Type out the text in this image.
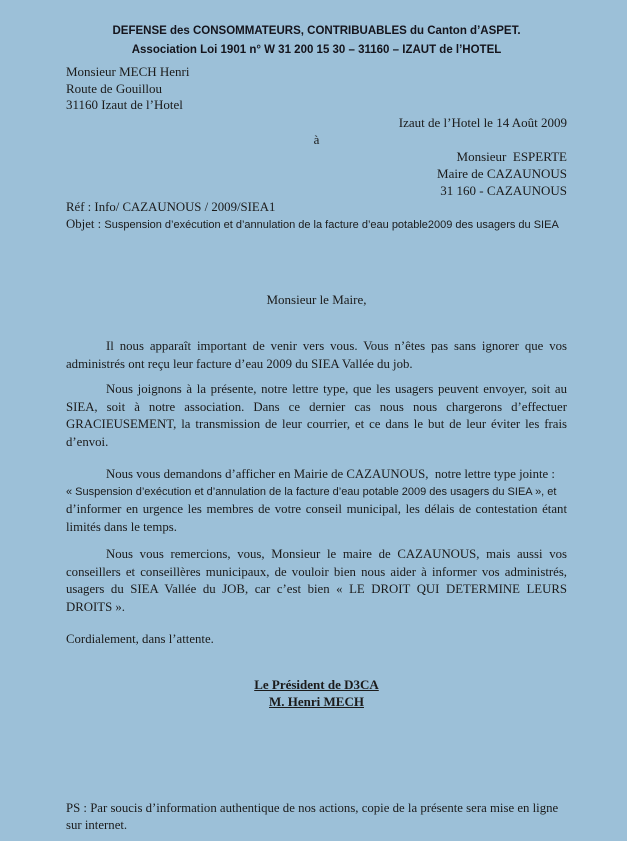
DEFENSE des CONSOMMATEURS, CONTRIBUABLES du Canton d’ASPET.
Association Loi 1901 n° W 31 200 15 30 – 31160 – IZAUT de l’HOTEL
Monsieur MECH Henri
Route de Gouillou
31160 Izaut de l’Hotel
Izaut de l’Hotel le 14 Août 2009
à
Monsieur  ESPERTE
Maire de CAZAUNOUS
31 160 - CAZAUNOUS
Réf : Info/ CAZAUNOUS / 2009/SIEA1
Objet : Suspension d’exécution et d’annulation de la facture d’eau potable2009 des usagers du SIEA
Monsieur le Maire,
Il nous apparaît important de venir vers vous. Vous n’êtes pas sans ignorer que vos administrés ont reçu leur facture d’eau 2009 du SIEA Vallée du job.
Nous joignons à la présente, notre lettre type, que les usagers peuvent envoyer, soit au SIEA, soit à notre association. Dans ce dernier cas nous nous chargerons d’effectuer GRACIEUSEMENT, la transmission de leur courrier, et ce dans le but de leur éviter les frais d’envoi.
Nous vous demandons d’afficher en Mairie de CAZAUNOUS,  notre lettre type jointe :
« Suspension d’exécution et d’annulation de la facture d’eau potable 2009 des usagers du SIEA », et
d’informer en urgence les membres de votre conseil municipal, les délais de contestation étant  limités dans le temps.
Nous vous remercions, vous, Monsieur le maire de CAZAUNOUS, mais aussi vos conseillers et conseillères municipaux, de vouloir bien nous aider à informer vos administrés, usagers du SIEA Vallée du JOB, car c’est bien « LE DROIT QUI DETERMINE LEURS DROITS ».
Cordialement, dans l’attente.
Le Président de D3CA
M. Henri MECH
PS : Par soucis d’information authentique de nos actions, copie de la présente sera mise en ligne sur internet.
